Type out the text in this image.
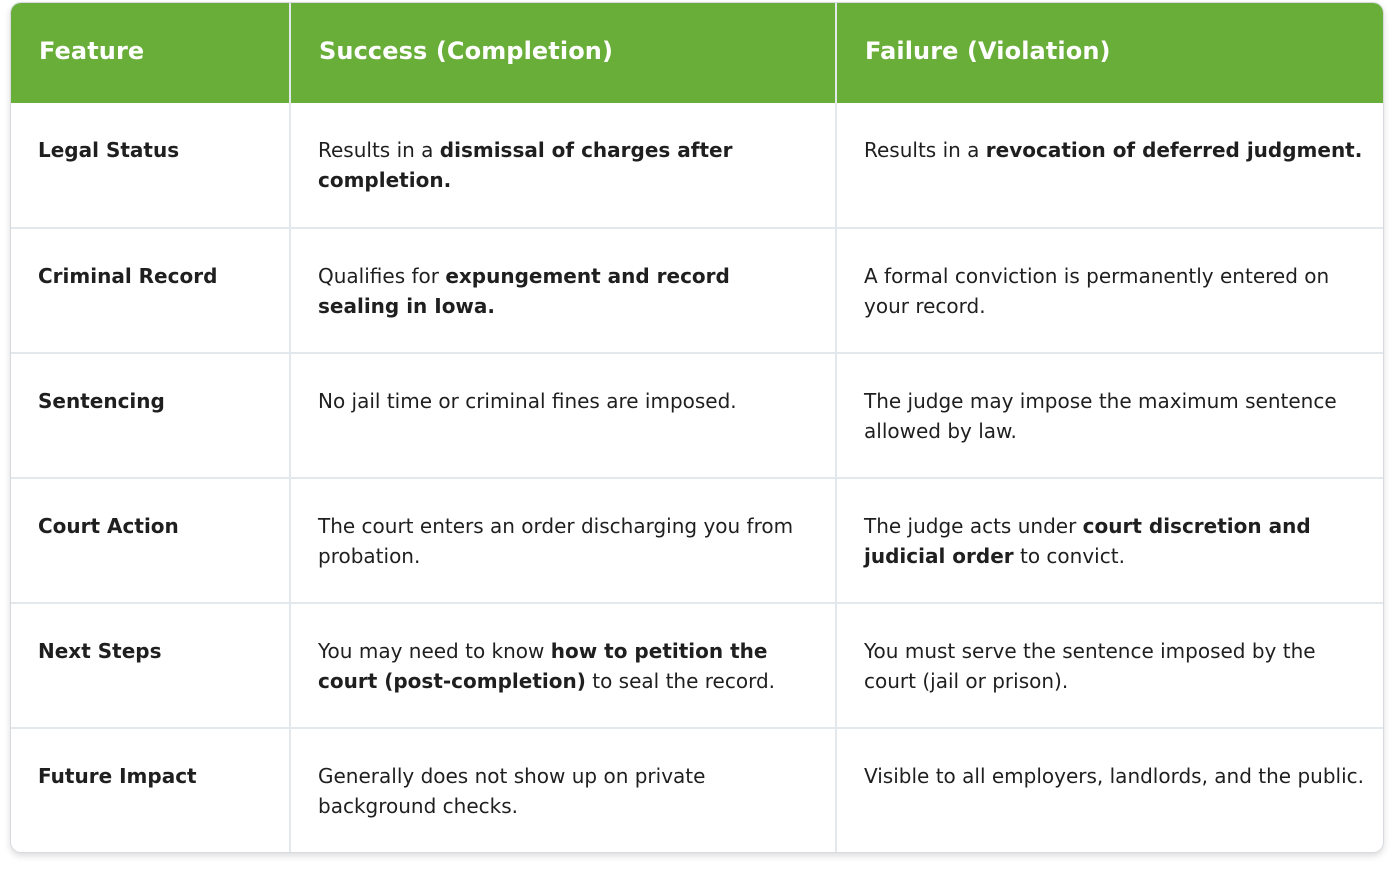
Feature	Success (Completion)	Failure (Violation)
Legal Status	Results in a dismissal of charges after completion.	Results in a revocation of deferred judgment.
Criminal Record	Qualifies for expungement and record sealing in Iowa.	A formal conviction is permanently entered on your record.
Sentencing	No jail time or criminal fines are imposed.	The judge may impose the maximum sentence allowed by law.
Court Action	The court enters an order discharging you from probation.	The judge acts under court discretion and judicial order to convict.
Next Steps	You may need to know how to petition the court (post-completion) to seal the record.	You must serve the sentence imposed by the court (jail or prison).
Future Impact	Generally does not show up on private background checks.	Visible to all employers, landlords, and the public.
